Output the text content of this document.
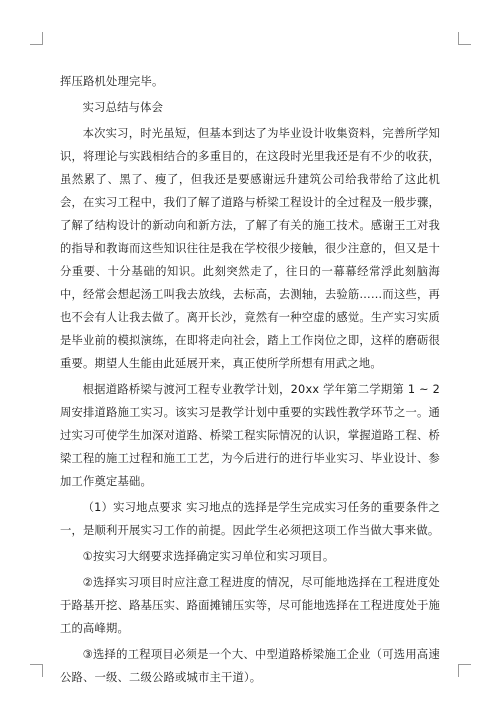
挥压路机处理完毕。

实习总结与体会

本次实习，时光虽短，但基本到达了为毕业设计收集资料，完善所学知识，将理论与实践相结合的多重目的，在这段时光里我还是有不少的收获，虽然累了、黑了、瘦了，但我还是要感谢远升建筑公司给我带给了这此机会，在实习工程中，我们了解了道路与桥梁工程设计的全过程及一般步骤，了解了结构设计的新动向和新方法，了解了有关的施工技术。感谢王工对我的指导和教诲而这些知识往往是我在学校很少接触，很少注意的，但又是十分重要、十分基础的知识。此刻突然走了，往日的一幕幕经常浮此刻脑海中，经常会想起汤工叫我去放线，去标高，去测轴，去验筋……而这些，再也不会有人让我去做了。离开长沙，竟然有一种空虚的感觉。生产实习实质是毕业前的模拟演练，在即将走向社会，踏上工作岗位之即，这样的磨砺很重要。期望人生能由此延展开来，真正使所学所想有用武之地。

根据道路桥梁与渡河工程专业教学计划，20xx 学年第二学期第 1 ~ 2 周安排道路施工实习。该实习是教学计划中重要的实践性教学环节之一。通过实习可使学生加深对道路、桥梁工程实际情况的认识，掌握道路工程、桥梁工程的施工过程和施工工艺，为今后进行的进行毕业实习、毕业设计、参加工作奠定基础。

（1）实习地点要求 实习地点的选择是学生完成实习任务的重要条件之一，是顺利开展实习工作的前提。因此学生必须把这项工作当做大事来做。

①按实习大纲要求选择确定实习单位和实习项目。

②选择实习项目时应注意工程进度的情况，尽可能地选择在工程进度处于路基开挖、路基压实、路面摊铺压实等，尽可能地选择在工程进度处于施工的高峰期。

③选择的工程项目必须是一个大、中型道路桥梁施工企业（可选用高速公路、一级、二级公路或城市主干道）。
